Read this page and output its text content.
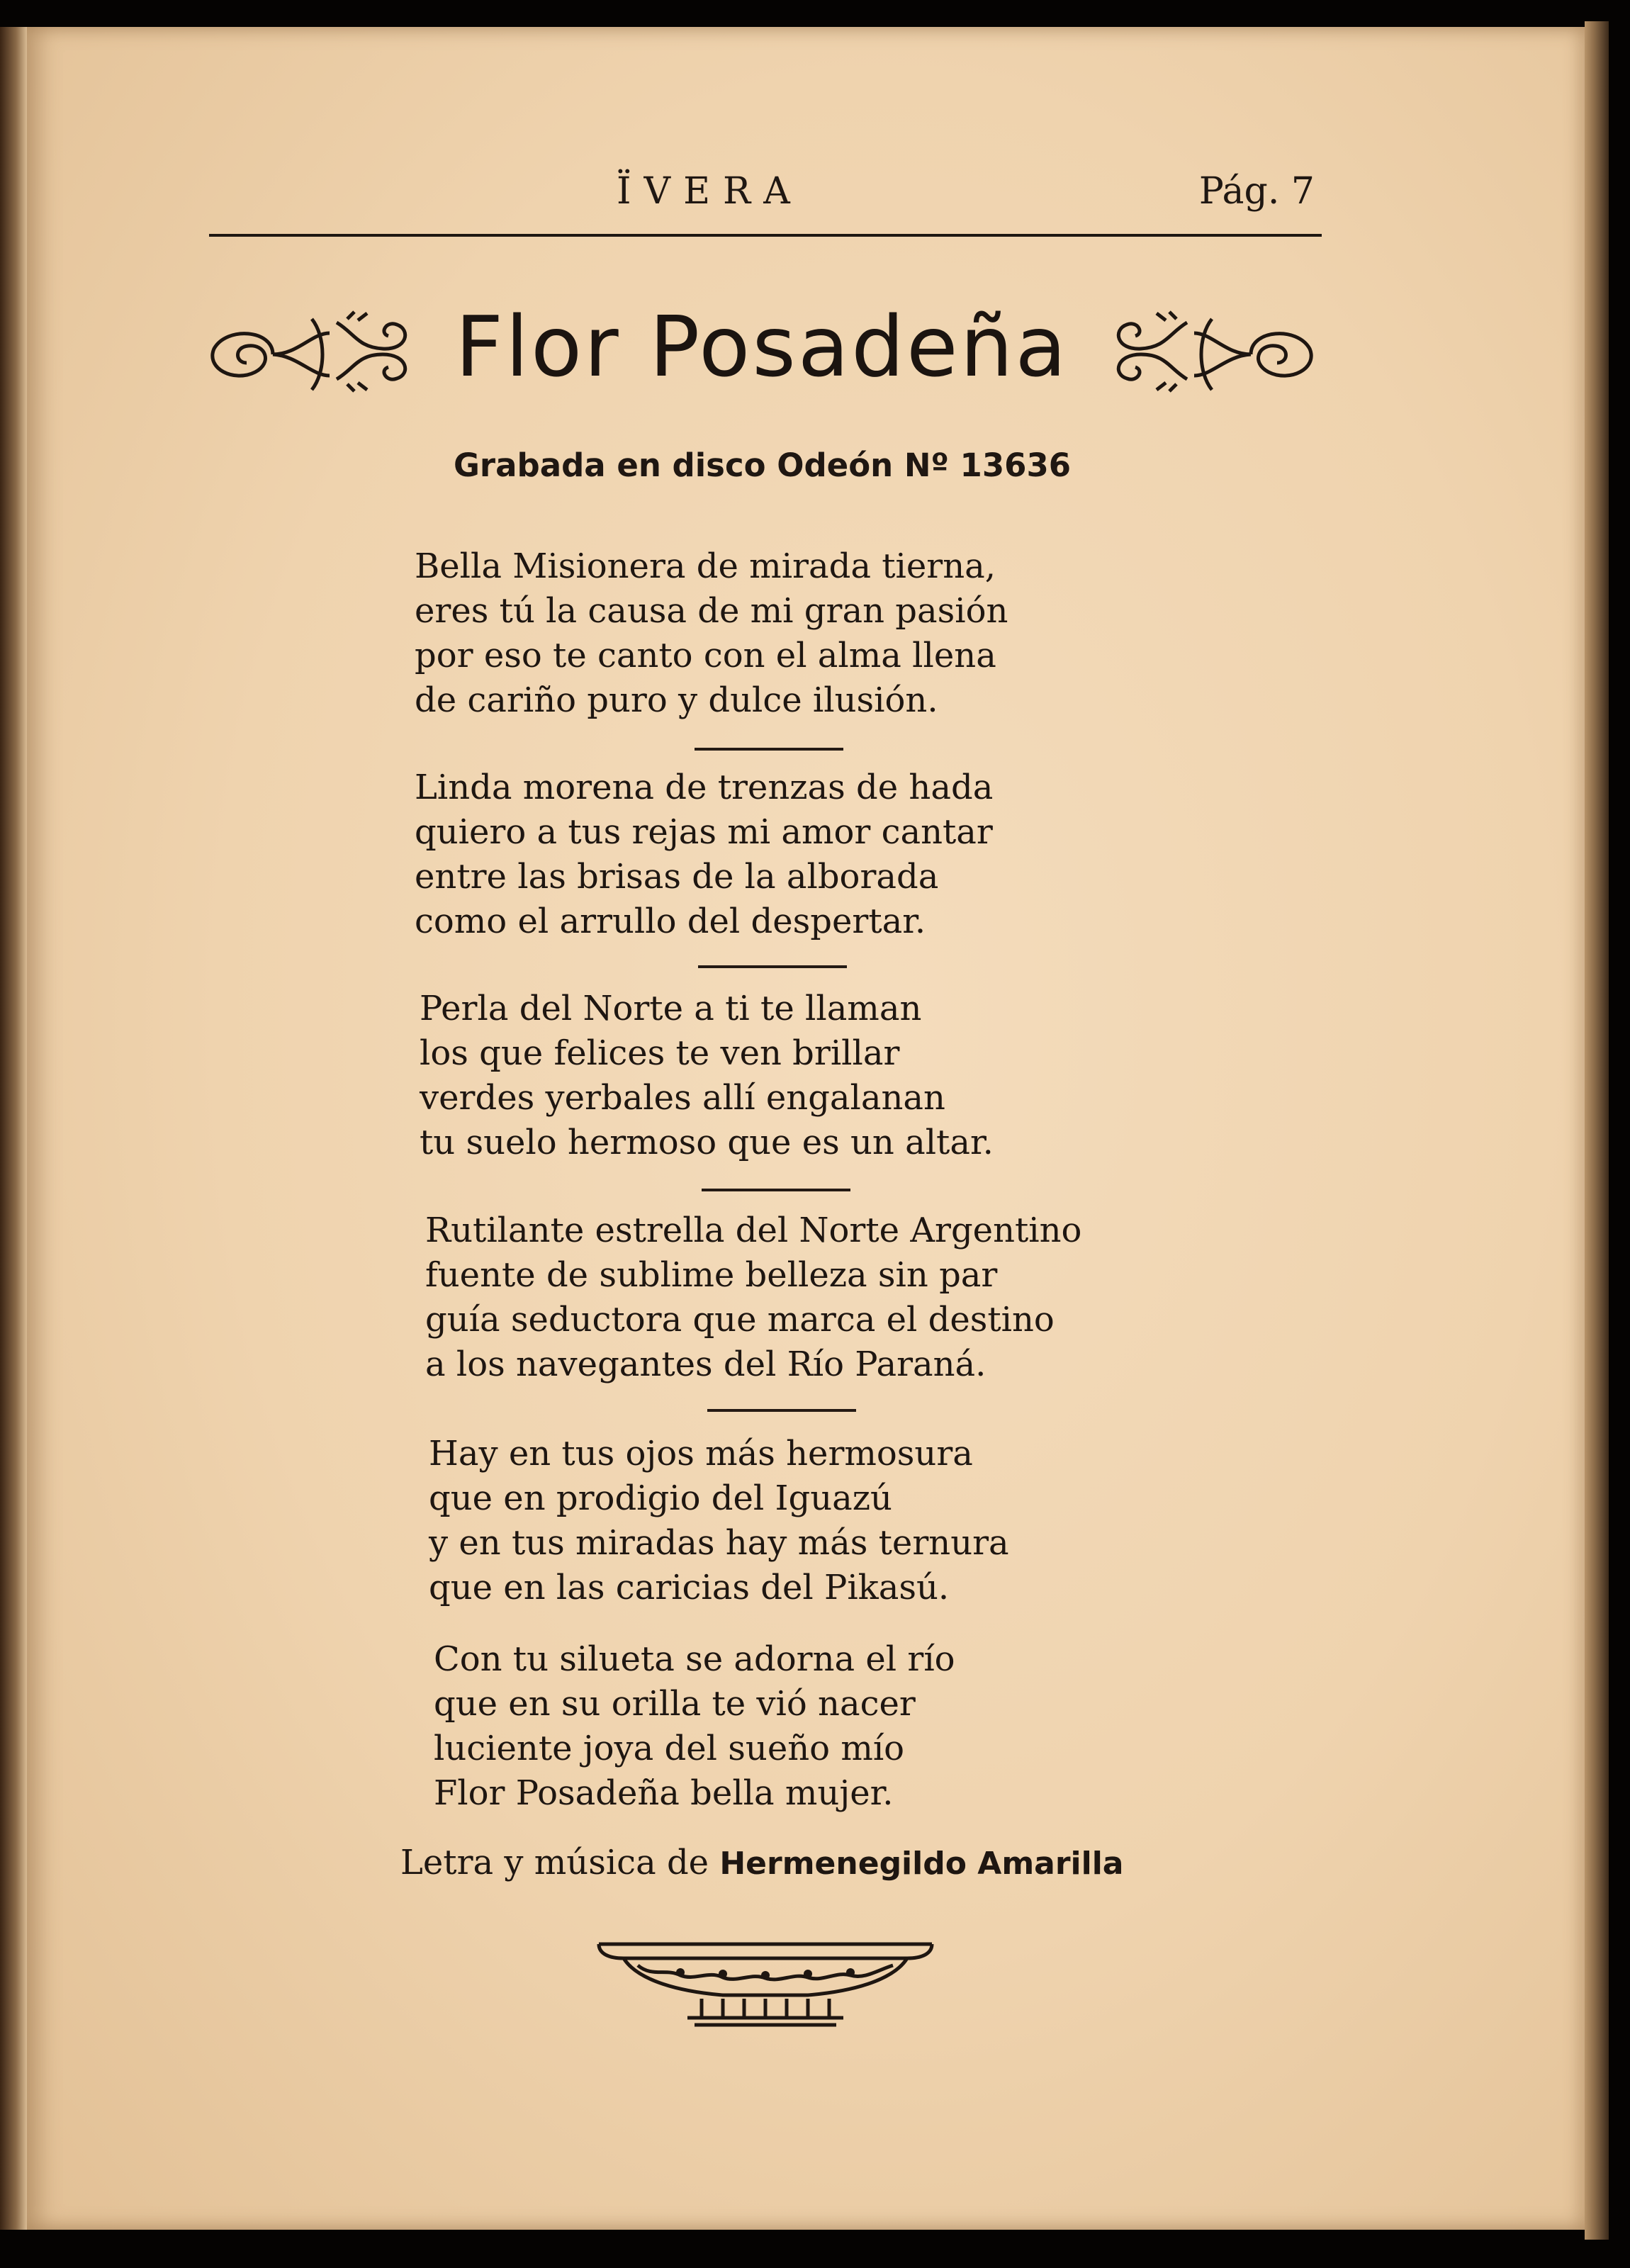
ÏVERA	Pág. 7
Flor Posadeña
Grabada en disco Odeón Nº 13636
Bella Misionera de mirada tierna,
eres tú la causa de mi gran pasión
por eso te canto con el alma llena
de cariño puro y dulce ilusión.
Linda morena de trenzas de hada
quiero a tus rejas mi amor cantar
entre las brisas de la alborada
como el arrullo del despertar.
Perla del Norte a ti te llaman
los que felices te ven brillar
verdes yerbales allí engalanan
tu suelo hermoso que es un altar.
Rutilante estrella del Norte Argentino
fuente de sublime belleza sin par
guía seductora que marca el destino
a los navegantes del Río Paraná.
Hay en tus ojos más hermosura
que en prodigio del Iguazú
y en tus miradas hay más ternura
que en las caricias del Pikasú.
Con tu silueta se adorna el río
que en su orilla te vió nacer
luciente joya del sueño mío
Flor Posadeña bella mujer.
Letra y música de Hermenegildo Amarilla
